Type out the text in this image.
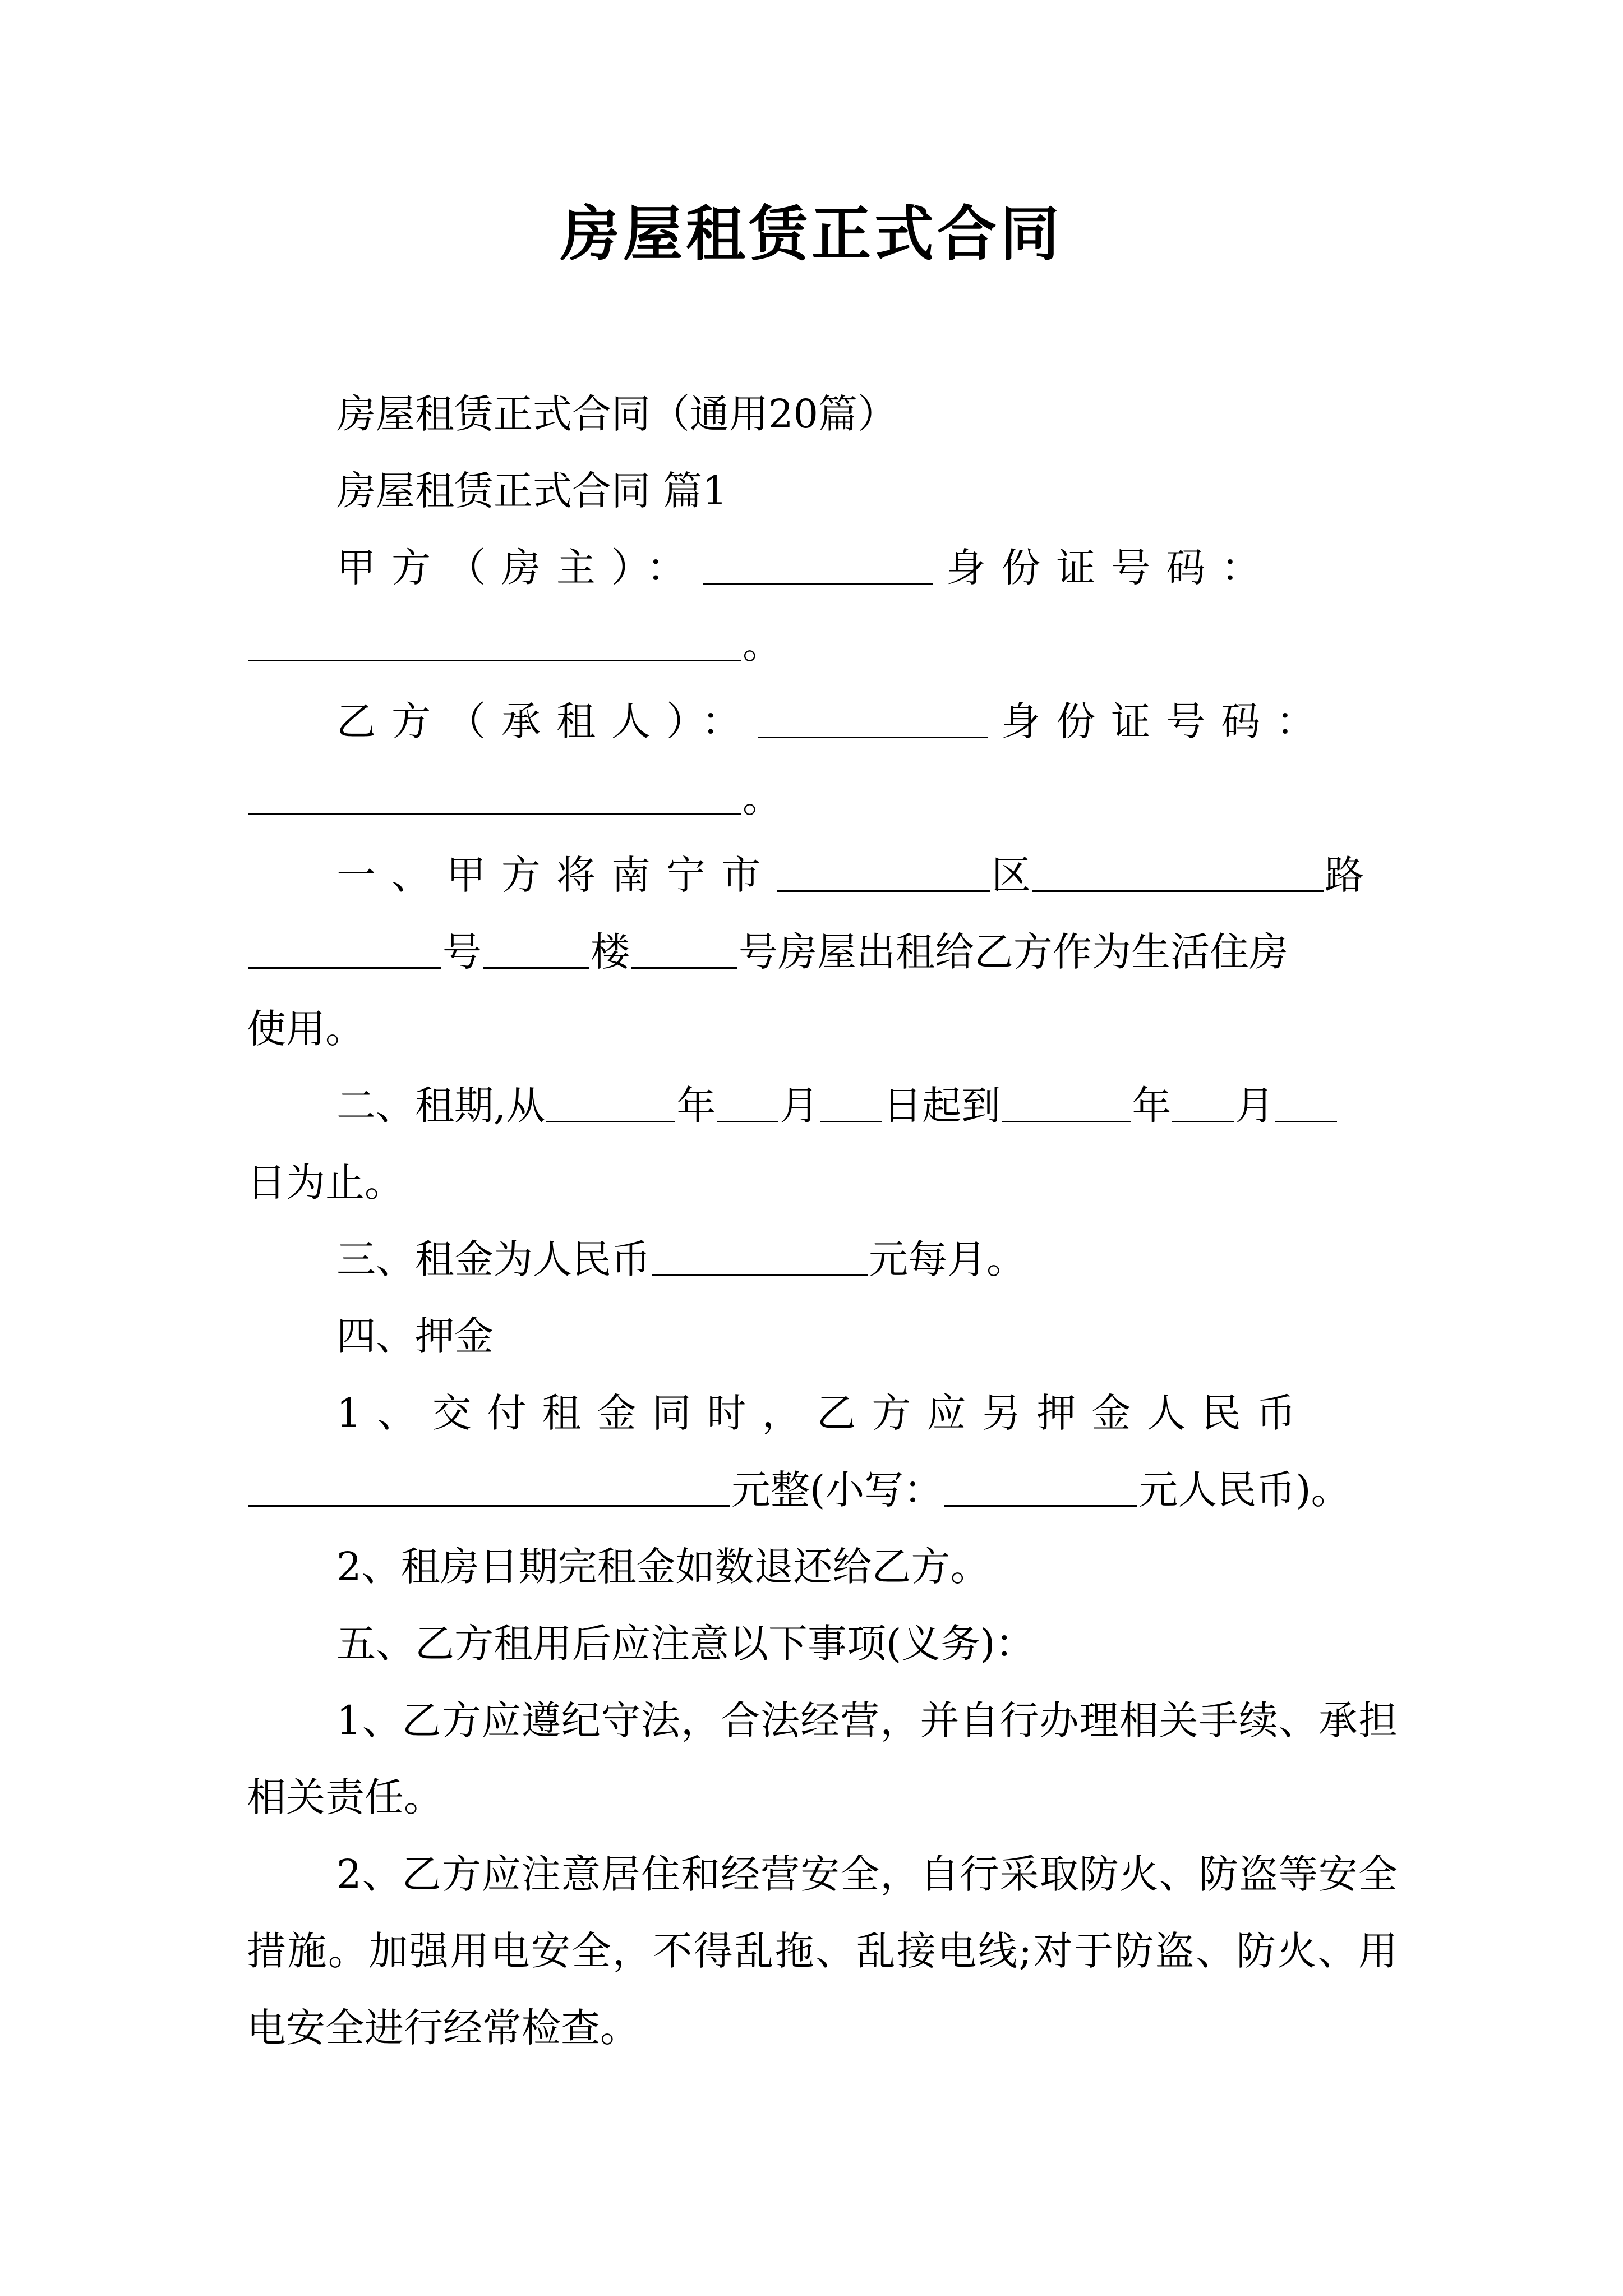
房屋租赁正式合同

房屋租赁正式合同（通用20篇）

房屋租赁正式合同 篇1

甲方（房主）：	身份证号码：

。

乙方（承租人）：	身份证号码：

。

一、甲方将南宁市	区	路

号	楼	号房屋出租给乙方作为生活住房

使用。

二、租期,从	年 月 日起到	年 月

日为止。

三、租金为人民币	元每月。

四、押金

1、交付租金同时，乙方应另押金人民币

元整(小写：	元人民币)。

2、租房日期完租金如数退还给乙方。

五、乙方租用后应注意以下事项(义务)：

1、乙方应遵纪守法，合法经营，并自行办理相关手续、承担相关责任。

2、乙方应注意居住和经营安全，自行采取防火、防盗等安全措施。加强用电安全，不得乱拖、乱接电线;对于防盗、防火、用电安全进行经常检查。
